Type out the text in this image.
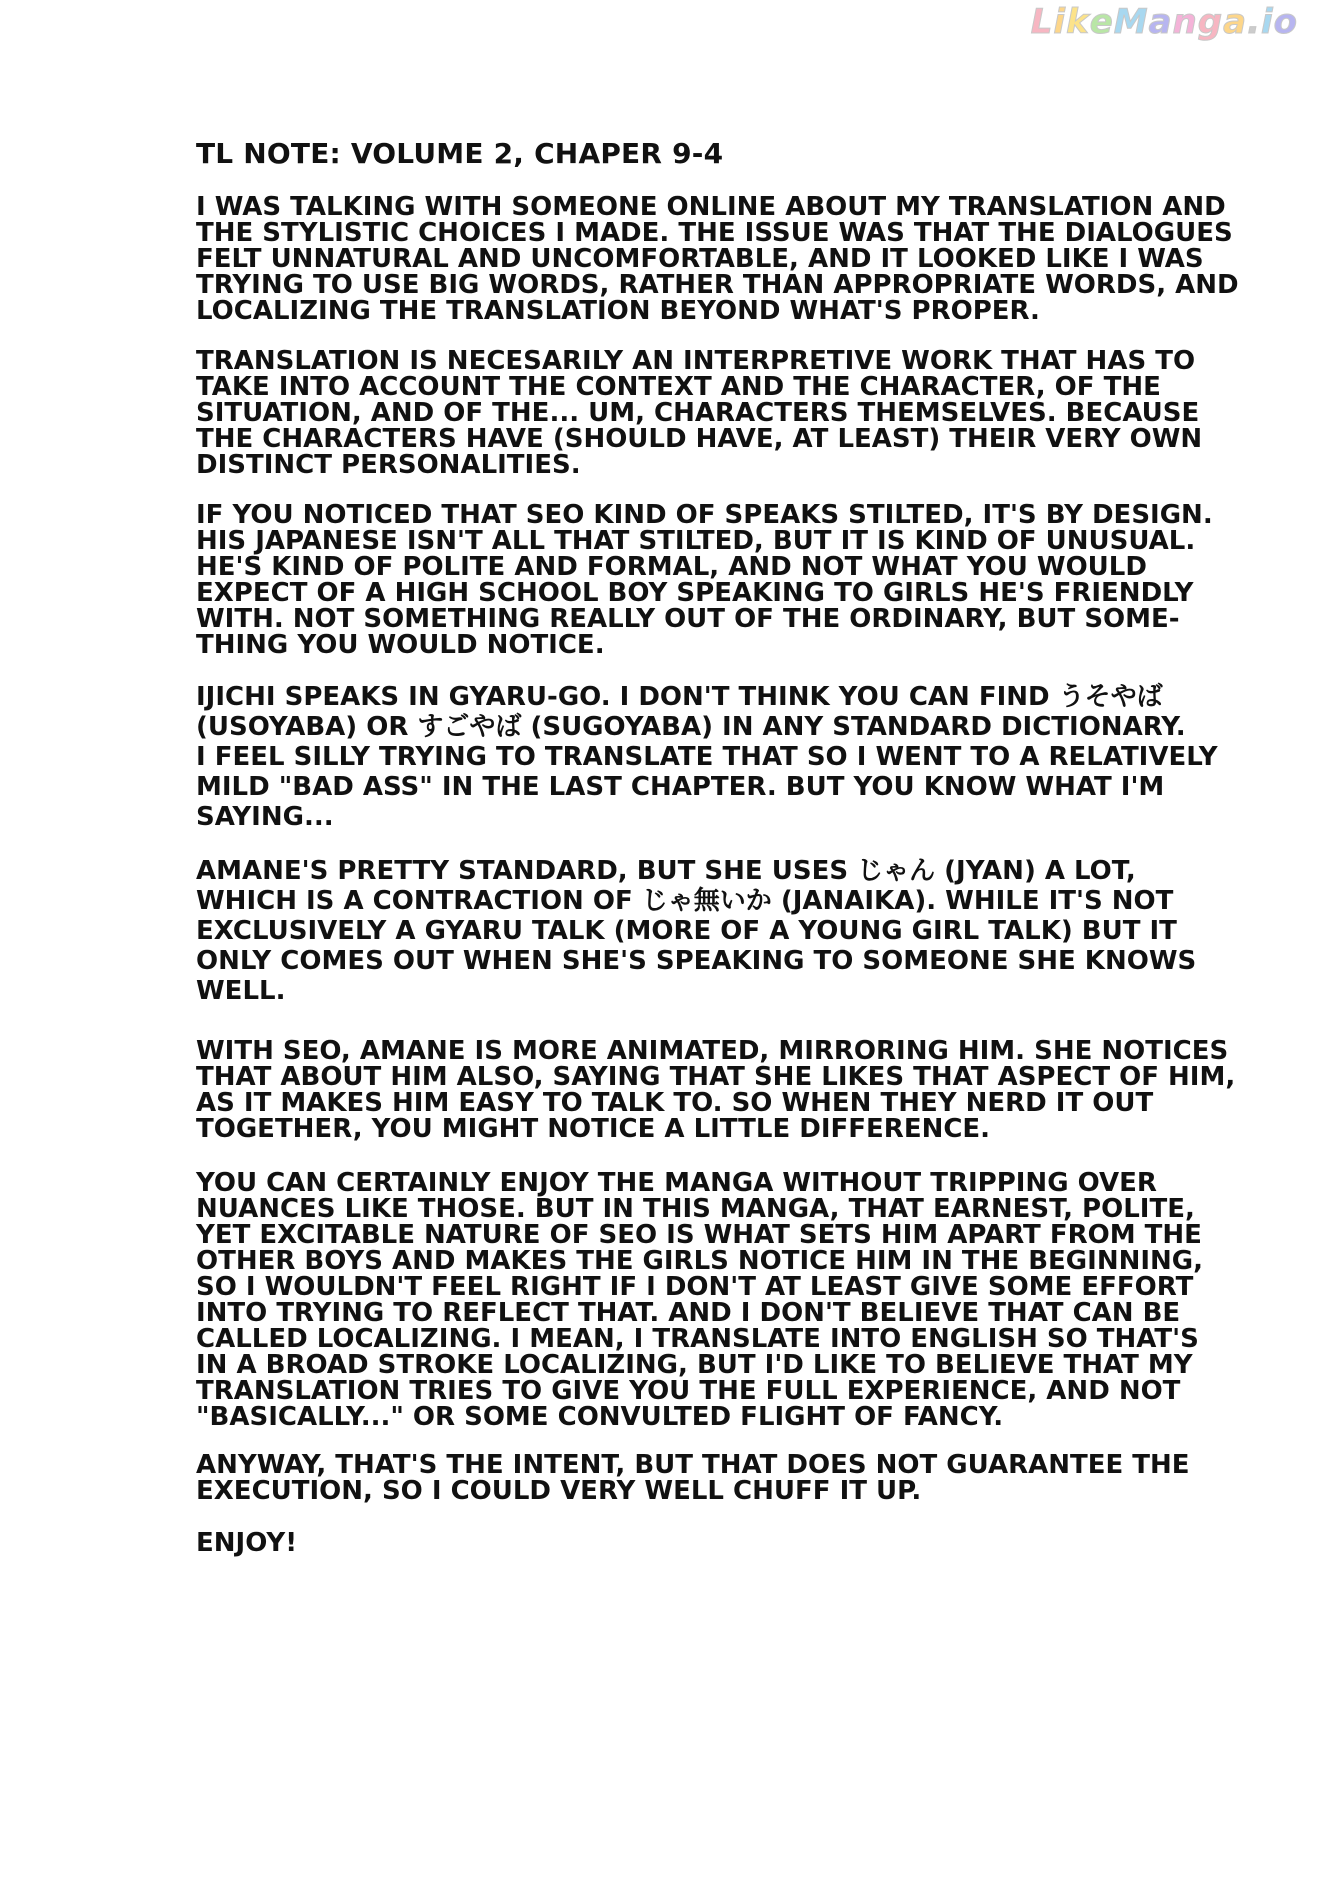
LikeManga.io
TL NOTE: VOLUME 2, CHAPER 9-4

I WAS TALKING WITH SOMEONE ONLINE ABOUT MY TRANSLATION AND
THE STYLISTIC CHOICES I MADE. THE ISSUE WAS THAT THE DIALOGUES
FELT UNNATURAL AND UNCOMFORTABLE, AND IT LOOKED LIKE I WAS
TRYING TO USE BIG WORDS, RATHER THAN APPROPRIATE WORDS, AND
LOCALIZING THE TRANSLATION BEYOND WHAT'S PROPER.

TRANSLATION IS NECESARILY AN INTERPRETIVE WORK THAT HAS TO
TAKE INTO ACCOUNT THE CONTEXT AND THE CHARACTER, OF THE
SITUATION, AND OF THE... UM, CHARACTERS THEMSELVES. BECAUSE
THE CHARACTERS HAVE (SHOULD HAVE, AT LEAST) THEIR VERY OWN
DISTINCT PERSONALITIES.

IF YOU NOTICED THAT SEO KIND OF SPEAKS STILTED, IT'S BY DESIGN.
HIS JAPANESE ISN'T ALL THAT STILTED, BUT IT IS KIND OF UNUSUAL.
HE'S KIND OF POLITE AND FORMAL, AND NOT WHAT YOU WOULD
EXPECT OF A HIGH SCHOOL BOY SPEAKING TO GIRLS HE'S FRIENDLY
WITH. NOT SOMETHING REALLY OUT OF THE ORDINARY, BUT SOME-
THING YOU WOULD NOTICE.

IJICHI SPEAKS IN GYARU-GO. I DON'T THINK YOU CAN FIND うそやば
(USOYABA) OR すごやば (SUGOYABA) IN ANY STANDARD DICTIONARY.
I FEEL SILLY TRYING TO TRANSLATE THAT SO I WENT TO A RELATIVELY
MILD "BAD ASS" IN THE LAST CHAPTER. BUT YOU KNOW WHAT I'M
SAYING...

AMANE'S PRETTY STANDARD, BUT SHE USES じゃん (JYAN) A LOT,
WHICH IS A CONTRACTION OF じゃ無いか (JANAIKA). WHILE IT'S NOT
EXCLUSIVELY A GYARU TALK (MORE OF A YOUNG GIRL TALK) BUT IT
ONLY COMES OUT WHEN SHE'S SPEAKING TO SOMEONE SHE KNOWS
WELL.

WITH SEO, AMANE IS MORE ANIMATED, MIRRORING HIM. SHE NOTICES
THAT ABOUT HIM ALSO, SAYING THAT SHE LIKES THAT ASPECT OF HIM,
AS IT MAKES HIM EASY TO TALK TO. SO WHEN THEY NERD IT OUT
TOGETHER, YOU MIGHT NOTICE A LITTLE DIFFERENCE.

YOU CAN CERTAINLY ENJOY THE MANGA WITHOUT TRIPPING OVER
NUANCES LIKE THOSE. BUT IN THIS MANGA, THAT EARNEST, POLITE,
YET EXCITABLE NATURE OF SEO IS WHAT SETS HIM APART FROM THE
OTHER BOYS AND MAKES THE GIRLS NOTICE HIM IN THE BEGINNING,
SO I WOULDN'T FEEL RIGHT IF I DON'T AT LEAST GIVE SOME EFFORT
INTO TRYING TO REFLECT THAT. AND I DON'T BELIEVE THAT CAN BE
CALLED LOCALIZING. I MEAN, I TRANSLATE INTO ENGLISH SO THAT'S
IN A BROAD STROKE LOCALIZING, BUT I'D LIKE TO BELIEVE THAT MY
TRANSLATION TRIES TO GIVE YOU THE FULL EXPERIENCE, AND NOT
"BASICALLY..." OR SOME CONVULTED FLIGHT OF FANCY.

ANYWAY, THAT'S THE INTENT, BUT THAT DOES NOT GUARANTEE THE
EXECUTION, SO I COULD VERY WELL CHUFF IT UP.

ENJOY!
